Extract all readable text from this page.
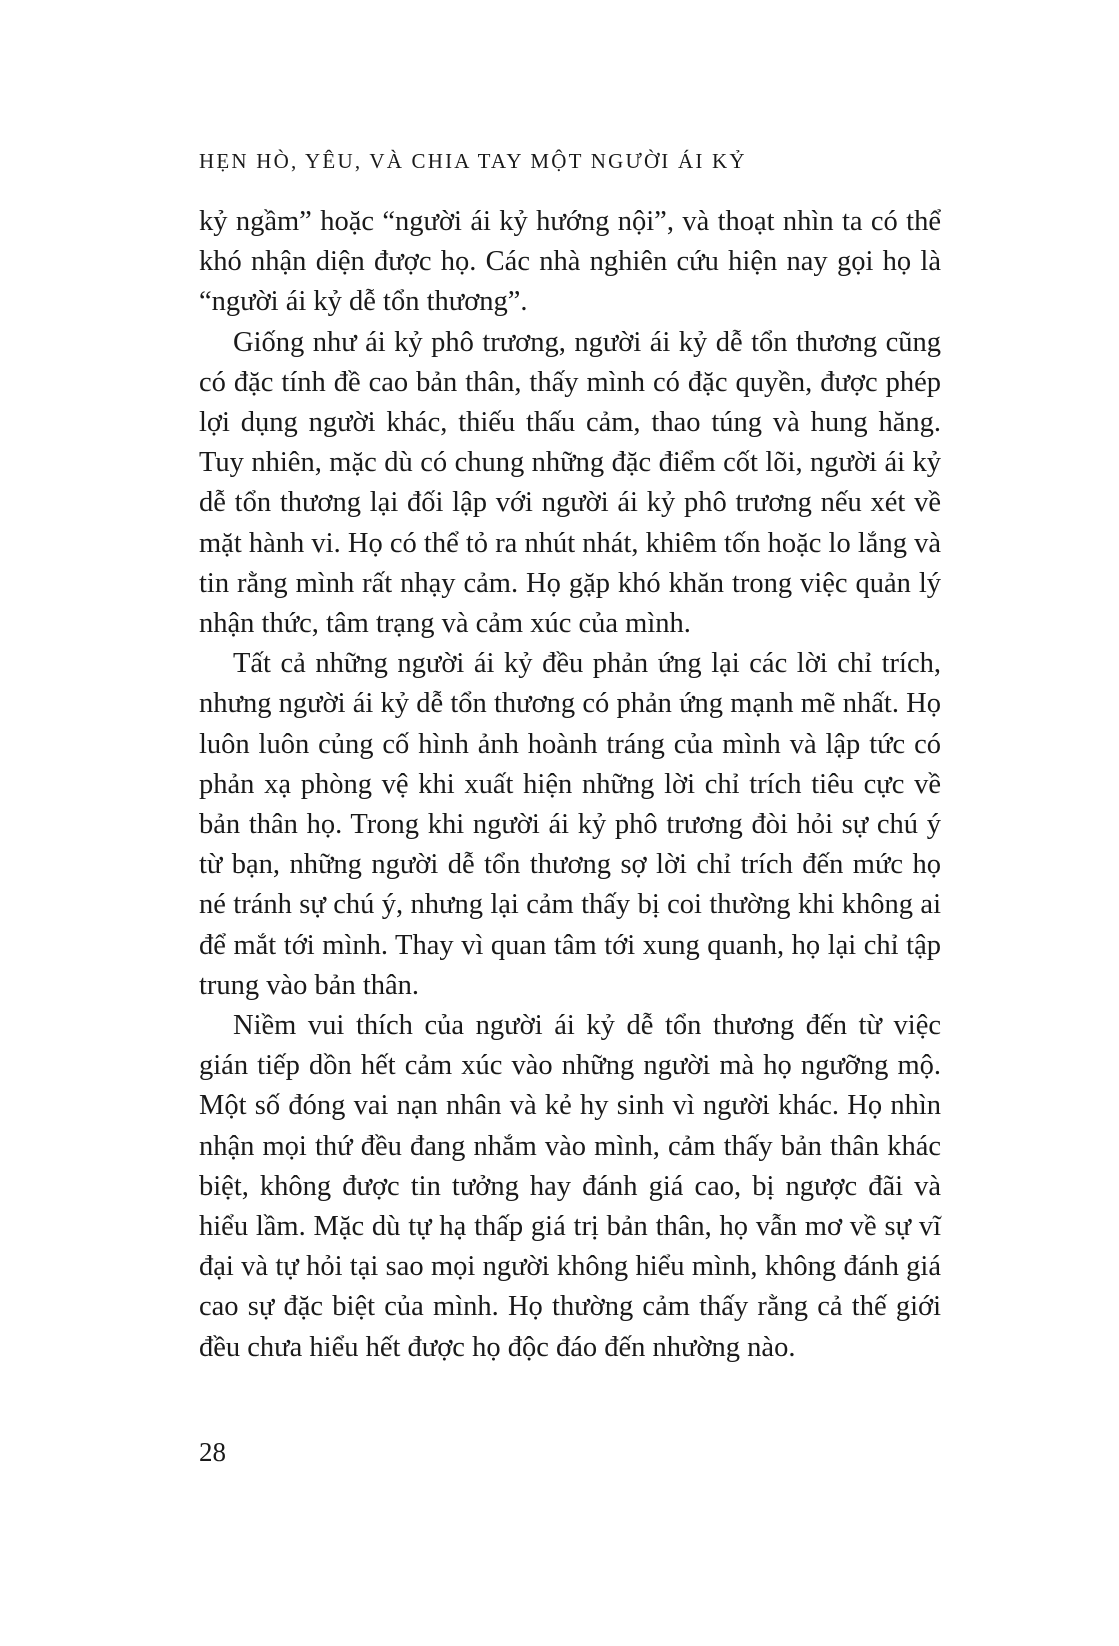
HẸN HÒ, YÊU, VÀ CHIA TAY MỘT NGƯỜI ÁI KỶ

kỷ ngầm” hoặc “người ái kỷ hướng nội”, và thoạt nhìn ta có thể khó nhận diện được họ. Các nhà nghiên cứu hiện nay gọi họ là “người ái kỷ dễ tổn thương”.

Giống như ái kỷ phô trương, người ái kỷ dễ tổn thương cũng có đặc tính đề cao bản thân, thấy mình có đặc quyền, được phép lợi dụng người khác, thiếu thấu cảm, thao túng và hung hăng. Tuy nhiên, mặc dù có chung những đặc điểm cốt lõi, người ái kỷ dễ tổn thương lại đối lập với người ái kỷ phô trương nếu xét về mặt hành vi. Họ có thể tỏ ra nhút nhát, khiêm tốn hoặc lo lắng và tin rằng mình rất nhạy cảm. Họ gặp khó khăn trong việc quản lý nhận thức, tâm trạng và cảm xúc của mình.

Tất cả những người ái kỷ đều phản ứng lại các lời chỉ trích, nhưng người ái kỷ dễ tổn thương có phản ứng mạnh mẽ nhất. Họ luôn luôn củng cố hình ảnh hoành tráng của mình và lập tức có phản xạ phòng vệ khi xuất hiện những lời chỉ trích tiêu cực về bản thân họ. Trong khi người ái kỷ phô trương đòi hỏi sự chú ý từ bạn, những người dễ tổn thương sợ lời chỉ trích đến mức họ né tránh sự chú ý, nhưng lại cảm thấy bị coi thường khi không ai để mắt tới mình. Thay vì quan tâm tới xung quanh, họ lại chỉ tập trung vào bản thân.

Niềm vui thích của người ái kỷ dễ tổn thương đến từ việc gián tiếp dồn hết cảm xúc vào những người mà họ ngưỡng mộ. Một số đóng vai nạn nhân và kẻ hy sinh vì người khác. Họ nhìn nhận mọi thứ đều đang nhắm vào mình, cảm thấy bản thân khác biệt, không được tin tưởng hay đánh giá cao, bị ngược đãi và hiểu lầm. Mặc dù tự hạ thấp giá trị bản thân, họ vẫn mơ về sự vĩ đại và tự hỏi tại sao mọi người không hiểu mình, không đánh giá cao sự đặc biệt của mình. Họ thường cảm thấy rằng cả thế giới đều chưa hiểu hết được họ độc đáo đến nhường nào.

28
